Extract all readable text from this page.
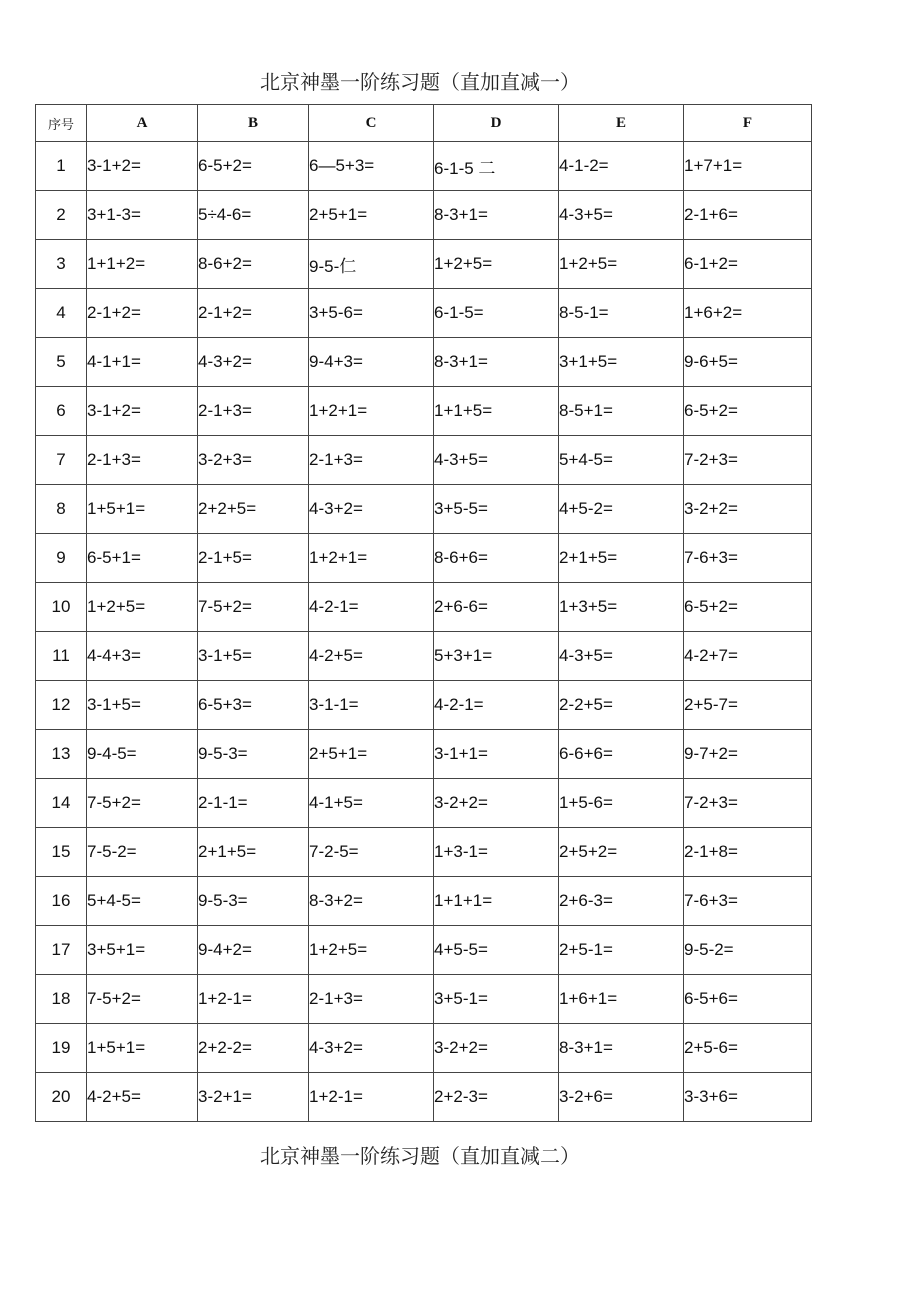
北京神墨一阶练习题（直加直减一）
序号	A	B	C	D	E	F
1	3-1+2=	6-5+2=	6—5+3=	6-1-5 二	4-1-2=	1+7+1=
2	3+1-3=	5÷4-6=	2+5+1=	8-3+1=	4-3+5=	2-1+6=
3	1+1+2=	8-6+2=	9-5-仁	1+2+5=	1+2+5=	6-1+2=
4	2-1+2=	2-1+2=	3+5-6=	6-1-5=	8-5-1=	1+6+2=
5	4-1+1=	4-3+2=	9-4+3=	8-3+1=	3+1+5=	9-6+5=
6	3-1+2=	2-1+3=	1+2+1=	1+1+5=	8-5+1=	6-5+2=
7	2-1+3=	3-2+3=	2-1+3=	4-3+5=	5+4-5=	7-2+3=
8	1+5+1=	2+2+5=	4-3+2=	3+5-5=	4+5-2=	3-2+2=
9	6-5+1=	2-1+5=	1+2+1=	8-6+6=	2+1+5=	7-6+3=
10	1+2+5=	7-5+2=	4-2-1=	2+6-6=	1+3+5=	6-5+2=
11	4-4+3=	3-1+5=	4-2+5=	5+3+1=	4-3+5=	4-2+7=
12	3-1+5=	6-5+3=	3-1-1=	4-2-1=	2-2+5=	2+5-7=
13	9-4-5=	9-5-3=	2+5+1=	3-1+1=	6-6+6=	9-7+2=
14	7-5+2=	2-1-1=	4-1+5=	3-2+2=	1+5-6=	7-2+3=
15	7-5-2=	2+1+5=	7-2-5=	1+3-1=	2+5+2=	2-1+8=
16	5+4-5=	9-5-3=	8-3+2=	1+1+1=	2+6-3=	7-6+3=
17	3+5+1=	9-4+2=	1+2+5=	4+5-5=	2+5-1=	9-5-2=
18	7-5+2=	1+2-1=	2-1+3=	3+5-1=	1+6+1=	6-5+6=
19	1+5+1=	2+2-2=	4-3+2=	3-2+2=	8-3+1=	2+5-6=
20	4-2+5=	3-2+1=	1+2-1=	2+2-3=	3-2+6=	3-3+6=
北京神墨一阶练习题（直加直减二）
